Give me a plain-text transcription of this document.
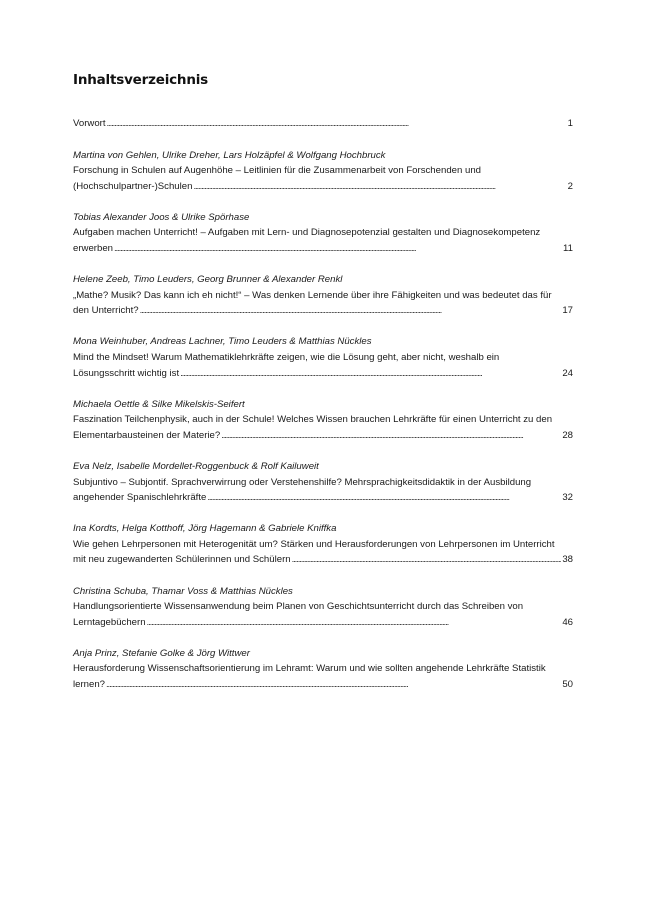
Inhaltsverzeichnis
Vorwort . . .	1
Martina von Gehlen, Ulrike Dreher, Lars Holzäpfel & Wolfgang Hochbruck
Forschung in Schulen auf Augenhöhe – Leitlinien für die Zusammenarbeit von Forschenden und
(Hochschulpartner-)Schulen . . .	2
Tobias Alexander Joos & Ulrike Spörhase
Aufgaben machen Unterricht! – Aufgaben mit Lern- und Diagnosepotenzial gestalten und Diagnosekompetenz
erwerben . . .	11
Helene Zeeb, Timo Leuders, Georg Brunner & Alexander Renkl
„Mathe? Musik? Das kann ich eh nicht!“ – Was denken Lernende über ihre Fähigkeiten und was bedeutet das für
den Unterricht? . . .	17
Mona Weinhuber, Andreas Lachner, Timo Leuders & Matthias Nückles
Mind the Mindset! Warum Mathematiklehrkräfte zeigen, wie die Lösung geht, aber nicht, weshalb ein
Lösungsschritt wichtig ist . . .	24
Michaela Oettle & Silke Mikelskis-Seifert
Faszination Teilchenphysik, auch in der Schule! Welches Wissen brauchen Lehrkräfte für einen Unterricht zu den
Elementarbausteinen der Materie? . . .	28
Eva Nelz, Isabelle Mordellet-Roggenbuck & Rolf Kailuweit
Subjuntivo – Subjontif. Sprachverwirrung oder Verstehenshilfe? Mehrsprachigkeitsdidaktik in der Ausbildung
angehender Spanischlehrkräfte . . .	32
Ina Kordts, Helga Kotthoff, Jörg Hagemann & Gabriele Kniffka
Wie gehen Lehrpersonen mit Heterogenität um? Stärken und Herausforderungen von Lehrpersonen im Unterricht
mit neu zugewanderten Schülerinnen und Schülern . . .	38
Christina Schuba, Thamar Voss & Matthias Nückles
Handlungsorientierte Wissensanwendung beim Planen von Geschichtsunterricht durch das Schreiben von
Lerntagebüchern . . .	46
Anja Prinz, Stefanie Golke & Jörg Wittwer
Herausforderung Wissenschaftsorientierung im Lehramt: Warum und wie sollten angehende Lehrkräfte Statistik
lernen? . . .	50
